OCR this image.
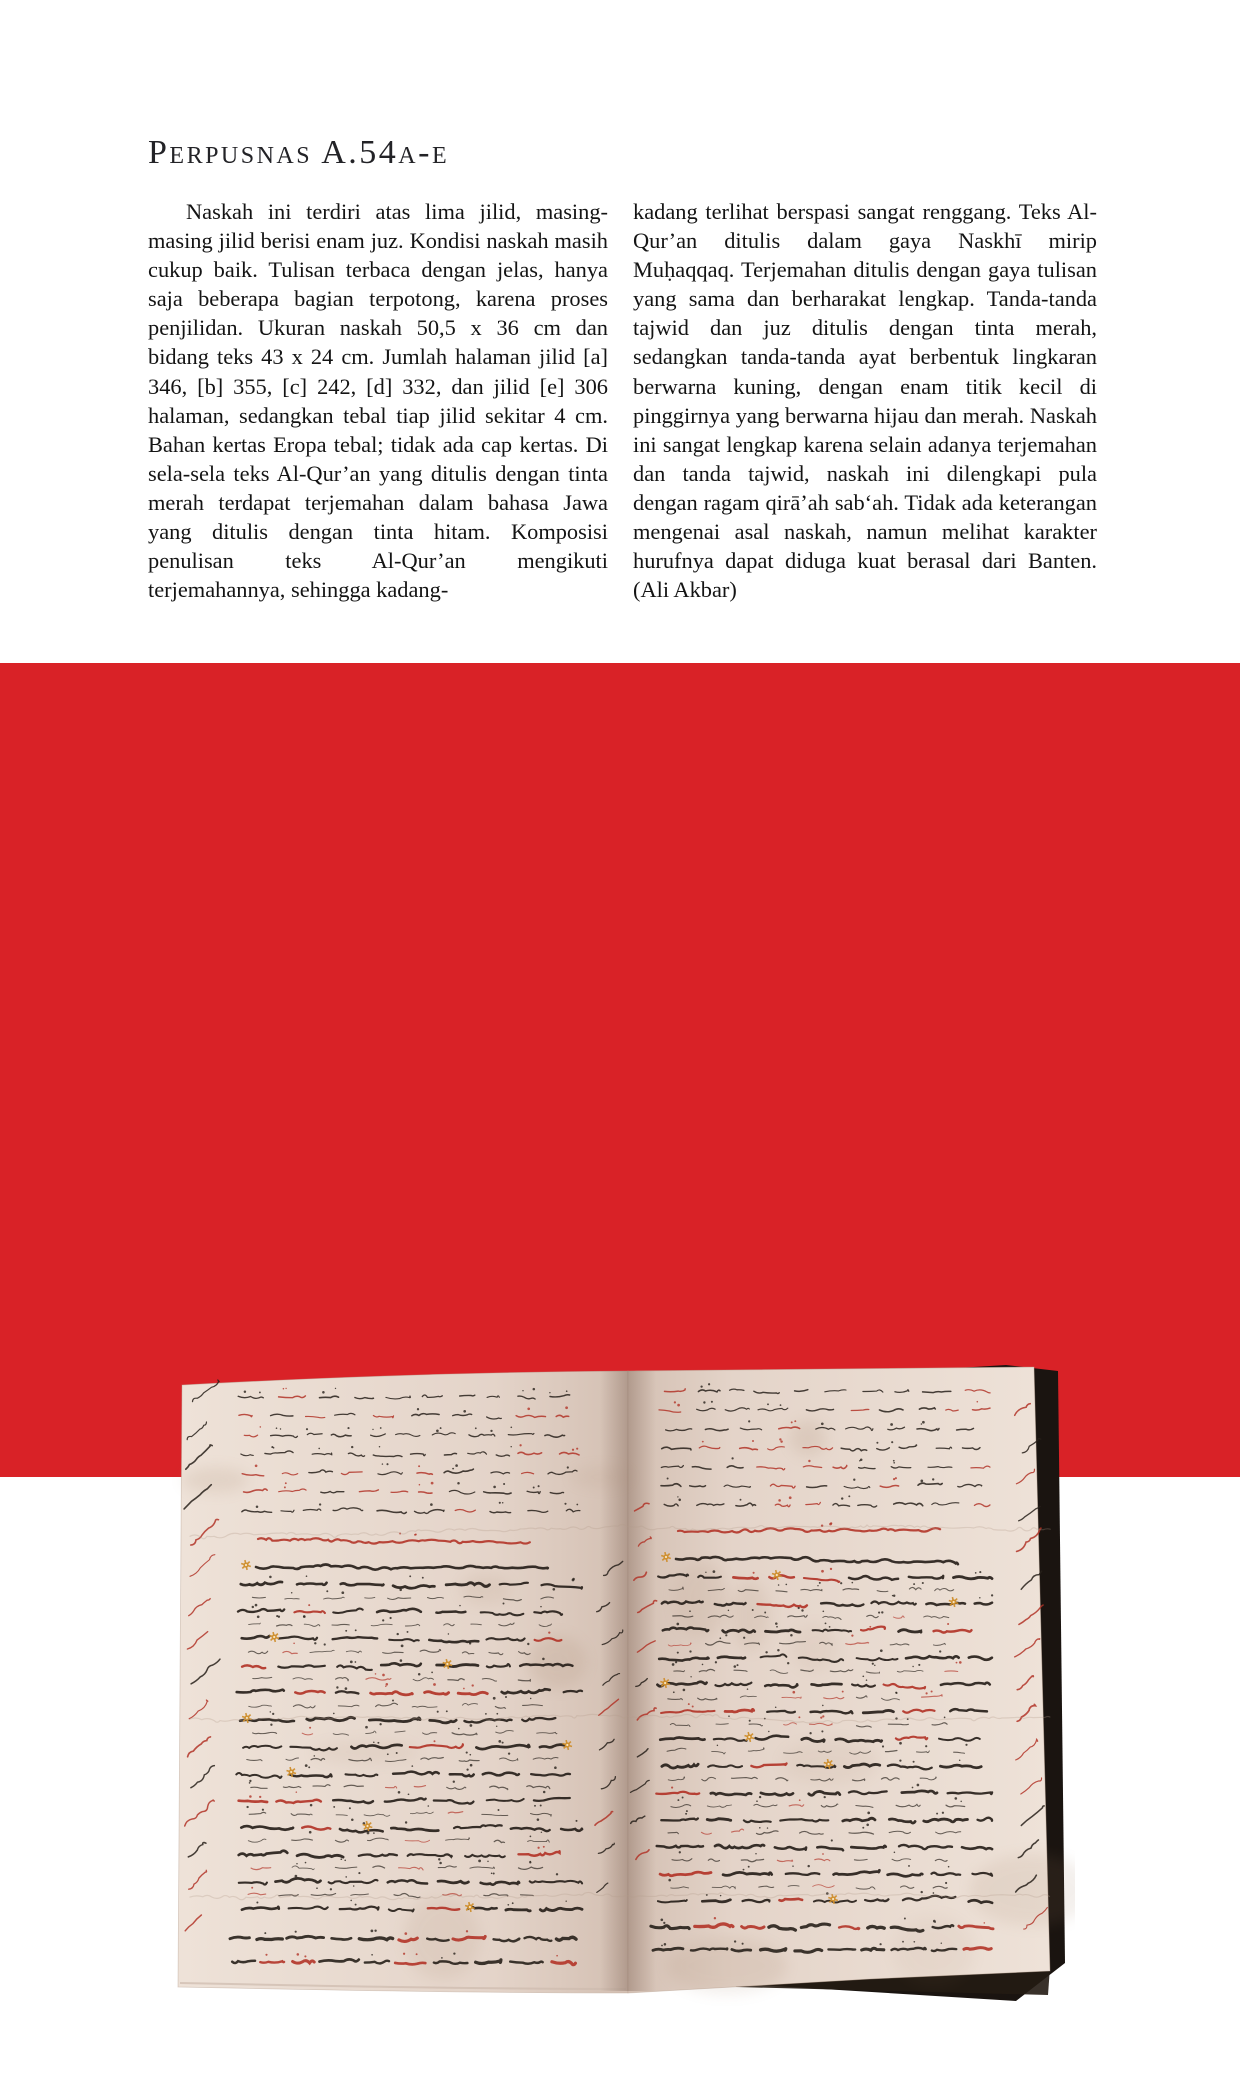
Perpusnas A.54a-e

Naskah ini terdiri atas lima jilid, masing-masing jilid berisi enam juz. Kondisi naskah masih cukup baik. Tulisan terbaca dengan jelas, hanya saja beberapa bagian terpotong, karena proses penjilidan. Ukuran naskah 50,5 x 36 cm dan bidang teks 43 x 24 cm. Jumlah halaman jilid [a] 346, [b] 355, [c] 242, [d] 332, dan jilid [e] 306 halaman, sedangkan tebal tiap jilid sekitar 4 cm. Bahan kertas Eropa tebal; tidak ada cap kertas. Di sela-sela teks Al-Qur’an yang ditulis dengan tinta merah terdapat terjemahan dalam bahasa Jawa yang ditulis dengan tinta hitam. Komposisi penulisan teks Al-Qur’an mengikuti terjemahannya, sehingga kadang-

kadang terlihat berspasi sangat renggang. Teks Al-Qur’an ditulis dalam gaya Naskhī mirip Muḥaqqaq. Terjemahan ditulis dengan gaya tulisan yang sama dan berharakat lengkap. Tanda-tanda tajwid dan juz ditulis dengan tinta merah, sedangkan tanda-tanda ayat berbentuk lingkaran berwarna kuning, dengan enam titik kecil di pinggirnya yang berwarna hijau dan merah. Naskah ini sangat lengkap karena selain adanya terjemahan dan tanda tajwid, naskah ini dilengkapi pula dengan ragam qirā’ah sab‘ah. Tidak ada keterangan mengenai asal naskah, namun melihat karakter hurufnya dapat diduga kuat berasal dari Banten. (Ali Akbar)

14 Jakarta
